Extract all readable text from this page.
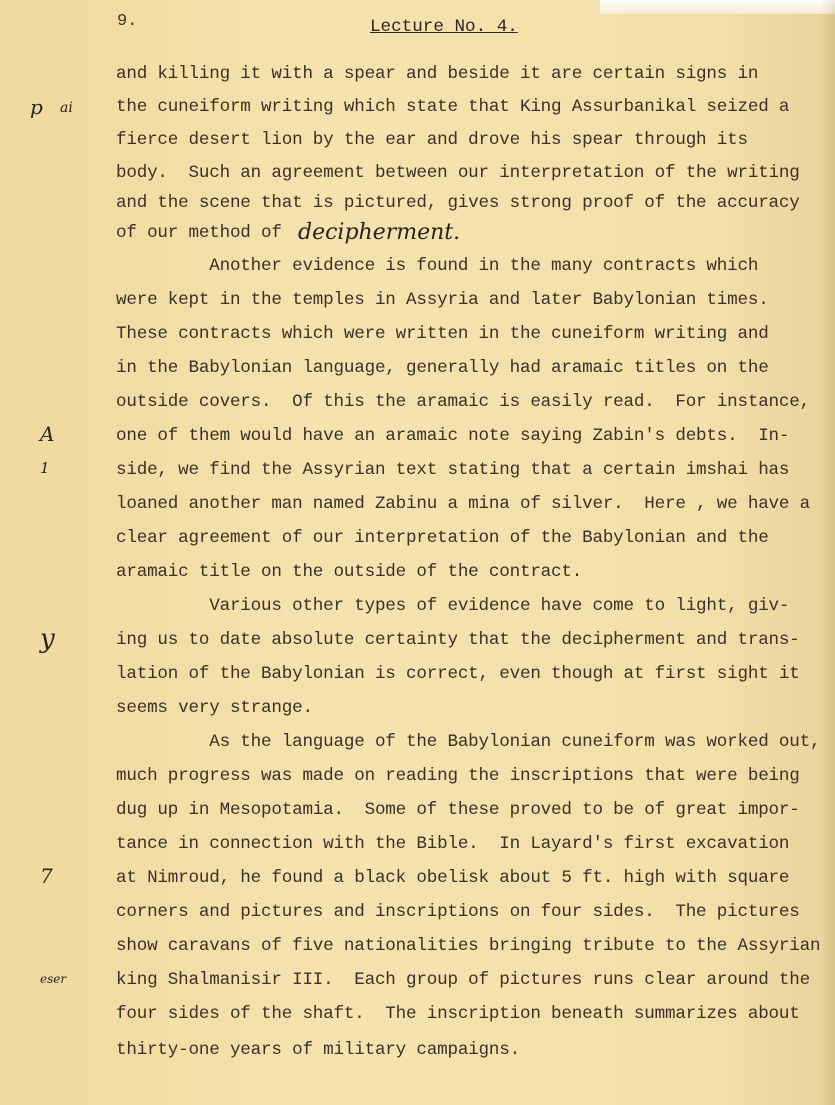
9.	Lecture No. 4.
and killing it with a spear and beside it are certain signs in
the cuneiform writing which state that King Assurbanikal seized a
fierce desert lion by the ear and drove his spear through its
body.  Such an agreement between our interpretation of the writing
and the scene that is pictured, gives strong proof of the accuracy
of our method of
Another evidence is found in the many contracts which
were kept in the temples in Assyria and later Babylonian times.
These contracts which were written in the cuneiform writing and
in the Babylonian language, generally had aramaic titles on the
outside covers.  Of this the aramaic is easily read.  For instance,
one of them would have an aramaic note saying Zabin's debts.  In-
side, we find the Assyrian text stating that a certain imshai has
loaned another man named Zabinu a mina of silver.  Here , we have a
clear agreement of our interpretation of the Babylonian and the
aramaic title on the outside of the contract.
Various other types of evidence have come to light, giv-
ing us to date absolute certainty that the decipherment and trans-
lation of the Babylonian is correct, even though at first sight it
seems very strange.
As the language of the Babylonian cuneiform was worked out,
much progress was made on reading the inscriptions that were being
dug up in Mesopotamia.  Some of these proved to be of great impor-
tance in connection with the Bible.  In Layard's first excavation
at Nimroud, he found a black obelisk about 5 ft. high with square
corners and pictures and inscriptions on four sides.  The pictures
show caravans of five nationalities bringing tribute to the Assyrian
king Shalmanisir III.  Each group of pictures runs clear around the
four sides of the shaft.  The inscription beneath summarizes about
thirty-one years of military campaigns.
decipherment.
p ai
A
1
y
7
eser
